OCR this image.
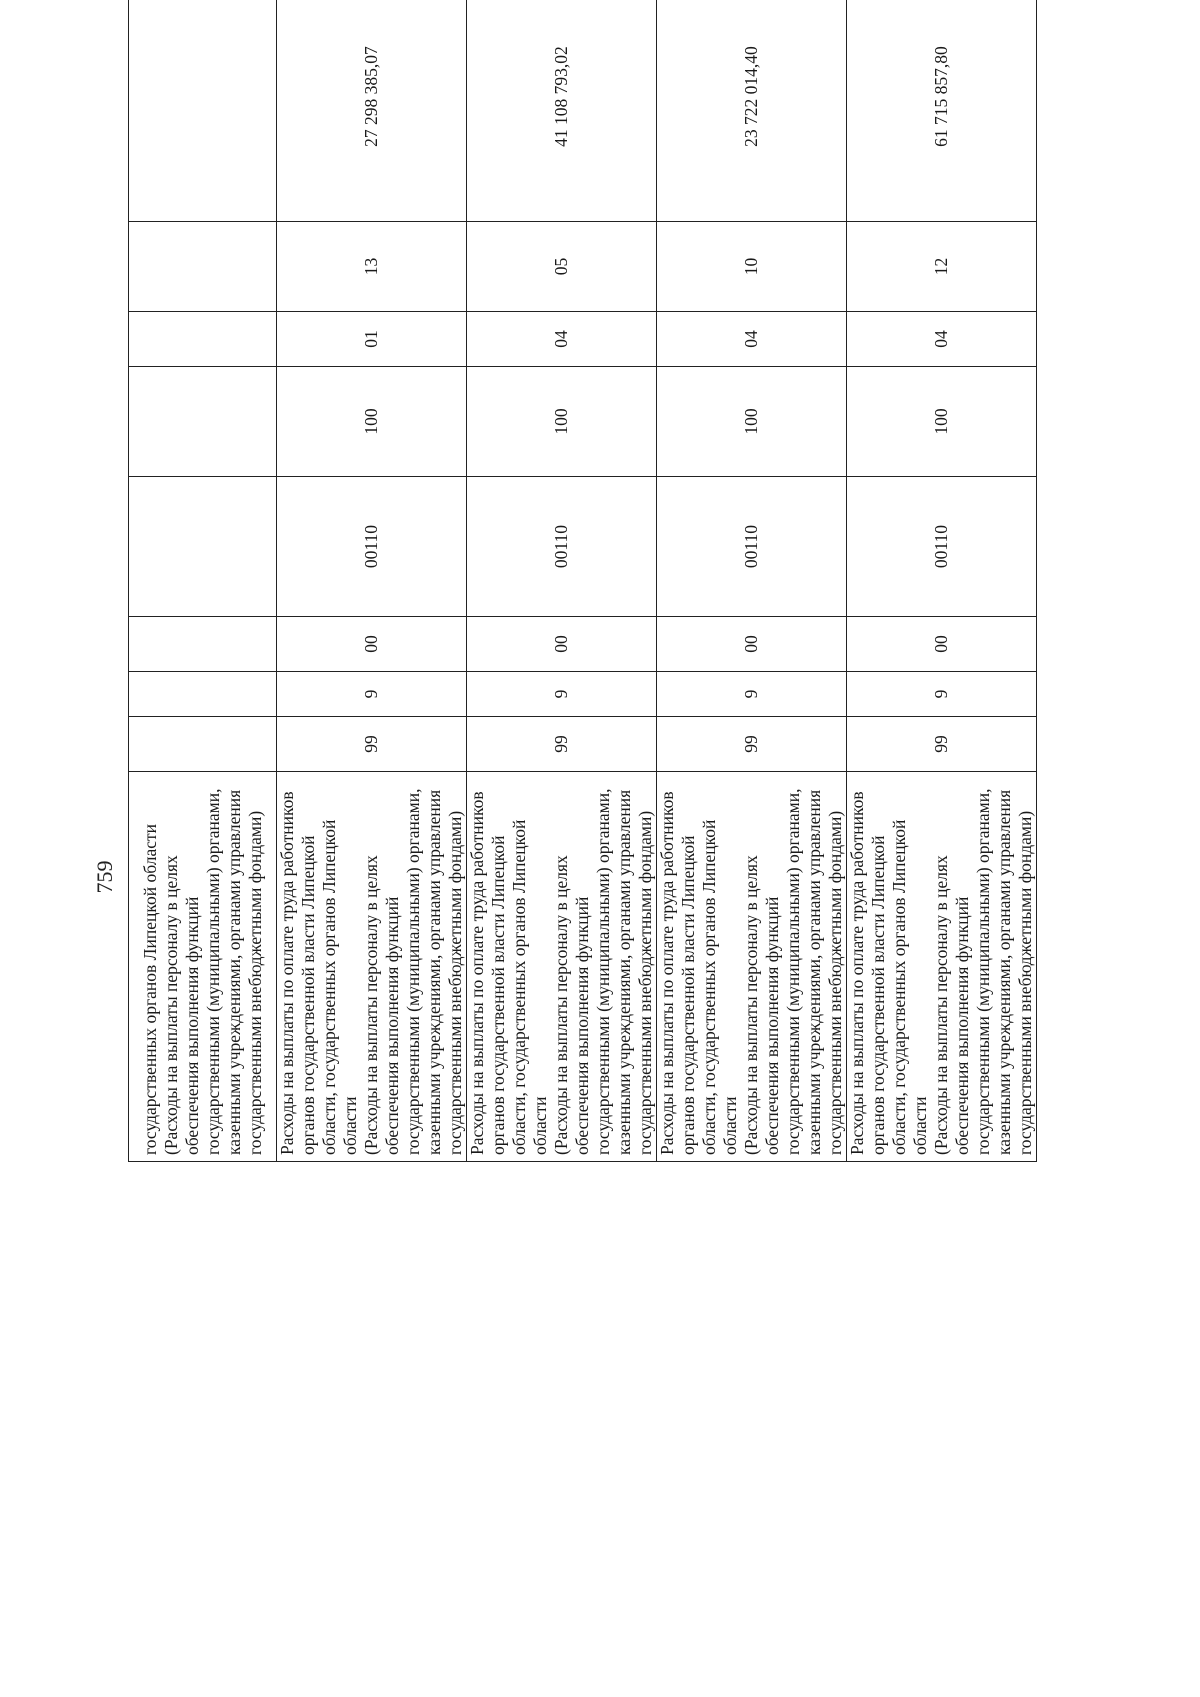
759
государственных органов Липецкой области
(Расходы на выплаты персоналу в целях обеспечения выполнения функций государственными (муниципальными) органами, казенными учреждениями, органами управления государственными внебюджетными фондами)										
Расходы на выплаты по оплате труда работников органов государственной власти Липецкой области, государственных органов Липецкой области
(Расходы на выплаты персоналу в целях обеспечения выполнения функций государственными (муниципальными) органами, казенными учреждениями, органами управления государственными внебюджетными фондами)	99	9	00	00110	100	01	13	27 298 385,07		
Расходы на выплаты по оплате труда работников органов государственной власти Липецкой области, государственных органов Липецкой области
(Расходы на выплаты персоналу в целях обеспечения выполнения функций государственными (муниципальными) органами, казенными учреждениями, органами управления государственными внебюджетными фондами)	99	9	00	00110	100	04	05	41 108 793,02		
Расходы на выплаты по оплате труда работников органов государственной власти Липецкой области, государственных органов Липецкой области
(Расходы на выплаты персоналу в целях обеспечения выполнения функций государственными (муниципальными) органами, казенными учреждениями, органами управления государственными внебюджетными фондами)	99	9	00	00110	100	04	10	23 722 014,40		
Расходы на выплаты по оплате труда работников органов государственной власти Липецкой области, государственных органов Липецкой области
(Расходы на выплаты персоналу в целях обеспечения выполнения функций государственными (муниципальными) органами, казенными учреждениями, органами управления государственными внебюджетными фондами)	99	9	00	00110	100	04	12	61 715 857,80		
